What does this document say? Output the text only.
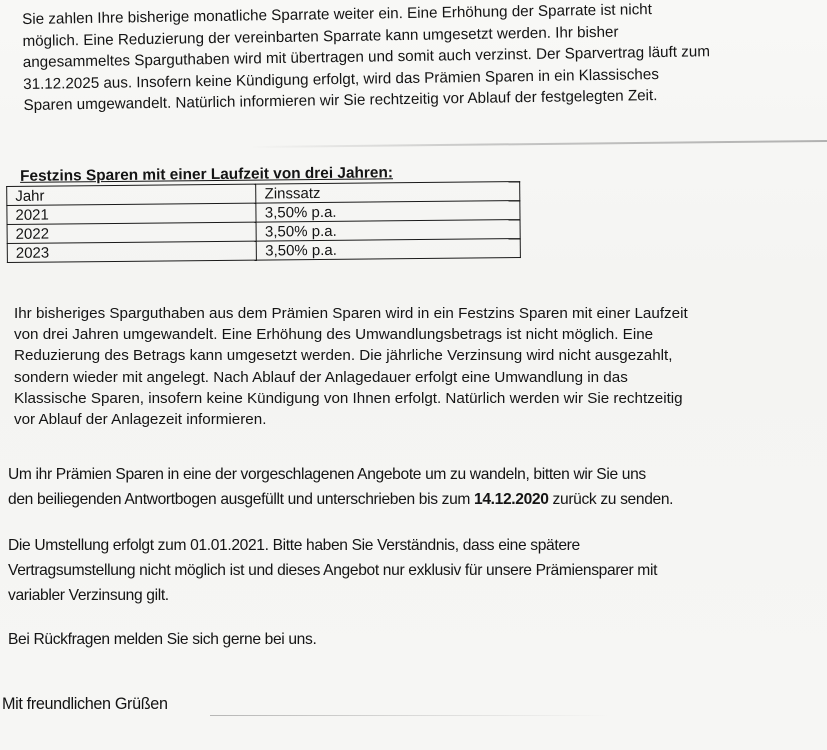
Sie zahlen Ihre bisherige monatliche Sparrate weiter ein. Eine Erhöhung der Sparrate ist nicht
möglich. Eine Reduzierung der vereinbarten Sparrate kann umgesetzt werden. Ihr bisher
angesammeltes Sparguthaben wird mit übertragen und somit auch verzinst. Der Sparvertrag läuft zum
31.12.2025 aus. Insofern keine Kündigung erfolgt, wird das Prämien Sparen in ein Klassisches
Sparen umgewandelt. Natürlich informieren wir Sie rechtzeitig vor Ablauf der festgelegten Zeit.
Festzins Sparen mit einer Laufzeit von drei Jahren:
Jahr	Zinssatz
2021	3,50% p.a.
2022	3,50% p.a.
2023	3,50% p.a.
Ihr bisheriges Sparguthaben aus dem Prämien Sparen wird in ein Festzins Sparen mit einer Laufzeit
von drei Jahren umgewandelt. Eine Erhöhung des Umwandlungsbetrags ist nicht möglich. Eine
Reduzierung des Betrags kann umgesetzt werden. Die jährliche Verzinsung wird nicht ausgezahlt,
sondern wieder mit angelegt. Nach Ablauf der Anlagedauer erfolgt eine Umwandlung in das
Klassische Sparen, insofern keine Kündigung von Ihnen erfolgt. Natürlich werden wir Sie rechtzeitig
vor Ablauf der Anlagezeit informieren.
Um ihr Prämien Sparen in eine der vorgeschlagenen Angebote um zu wandeln, bitten wir Sie uns
den beiliegenden Antwortbogen ausgefüllt und unterschrieben bis zum 14.12.2020 zurück zu senden.
Die Umstellung erfolgt zum 01.01.2021. Bitte haben Sie Verständnis, dass eine spätere
Vertragsumstellung nicht möglich ist und dieses Angebot nur exklusiv für unsere Prämiensparer mit
variabler Verzinsung gilt.
Bei Rückfragen melden Sie sich gerne bei uns.
Mit freundlichen Grüßen
